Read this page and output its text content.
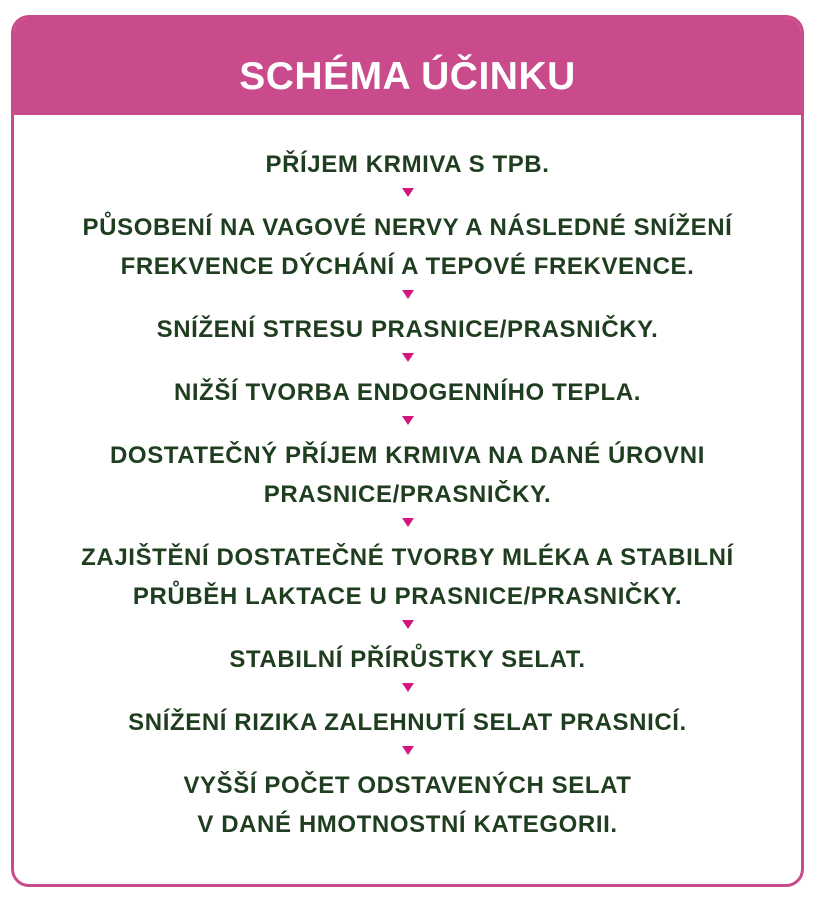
SCHÉMA ÚČINKU
PŘÍJEM KRMIVA S TPB.
PŮSOBENÍ NA VAGOVÉ NERVY A NÁSLEDNÉ SNÍŽENÍ
FREKVENCE DÝCHÁNÍ A TEPOVÉ FREKVENCE.
SNÍŽENÍ STRESU PRASNICE/PRASNIČKY.
NIŽŠÍ TVORBA ENDOGENNÍHO TEPLA.
DOSTATEČNÝ PŘÍJEM KRMIVA NA DANÉ ÚROVNI
PRASNICE/PRASNIČKY.
ZAJIŠTĚNÍ DOSTATEČNÉ TVORBY MLÉKA A STABILNÍ
PRŮBĚH LAKTACE U PRASNICE/PRASNIČKY.
STABILNÍ PŘÍRŮSTKY SELAT.
SNÍŽENÍ RIZIKA ZALEHNUTÍ SELAT PRASNICÍ.
VYŠŠÍ POČET ODSTAVENÝCH SELAT
V DANÉ HMOTNOSTNÍ KATEGORII.
